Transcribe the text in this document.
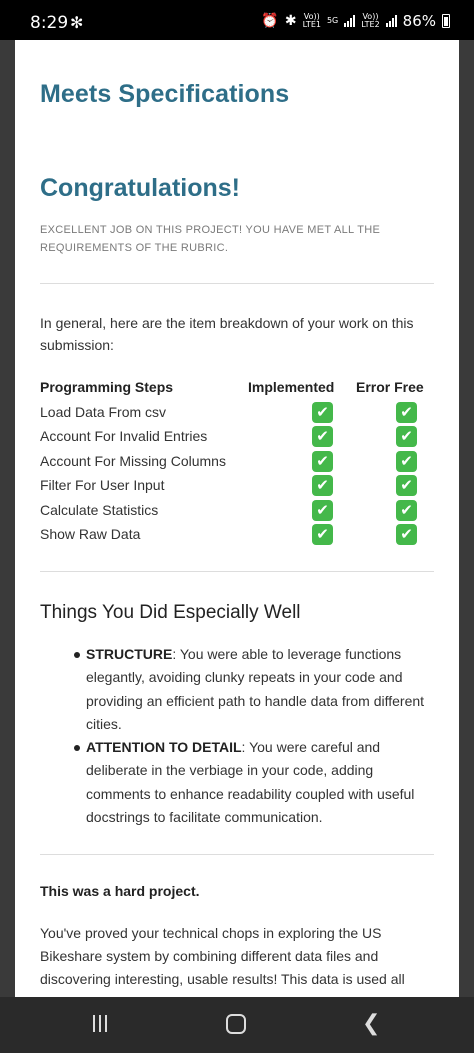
8:29 ✻	⏰ ✱ Vo))
LTE1 5G	Vo))
LTE2 86%
Meets Specifications
Congratulations!
EXCELLENT JOB ON THIS PROJECT! YOU HAVE MET ALL THE REQUIREMENTS OF THE RUBRIC.
In general, here are the item breakdown of your work on this submission:
Programming Steps	Implemented Error Free
Load Data From csv	✔	✔
Account For Invalid Entries	✔	✔
Account For Missing Columns	✔	✔
Filter For User Input	✔	✔
Calculate Statistics	✔	✔
Show Raw Data	✔	✔
Things You Did Especially Well
STRUCTURE: You were able to leverage functions elegantly, avoiding clunky repeats in your code and providing an efficient path to handle data from different cities.
ATTENTION TO DETAIL: You were careful and deliberate in the verbiage in your code, adding comments to enhance readability coupled with useful docstrings to facilitate communication.
This was a hard project.
You've proved your technical chops in exploring the US Bikeshare system by combining different data files and discovering interesting, usable results! This data is used all
❮
